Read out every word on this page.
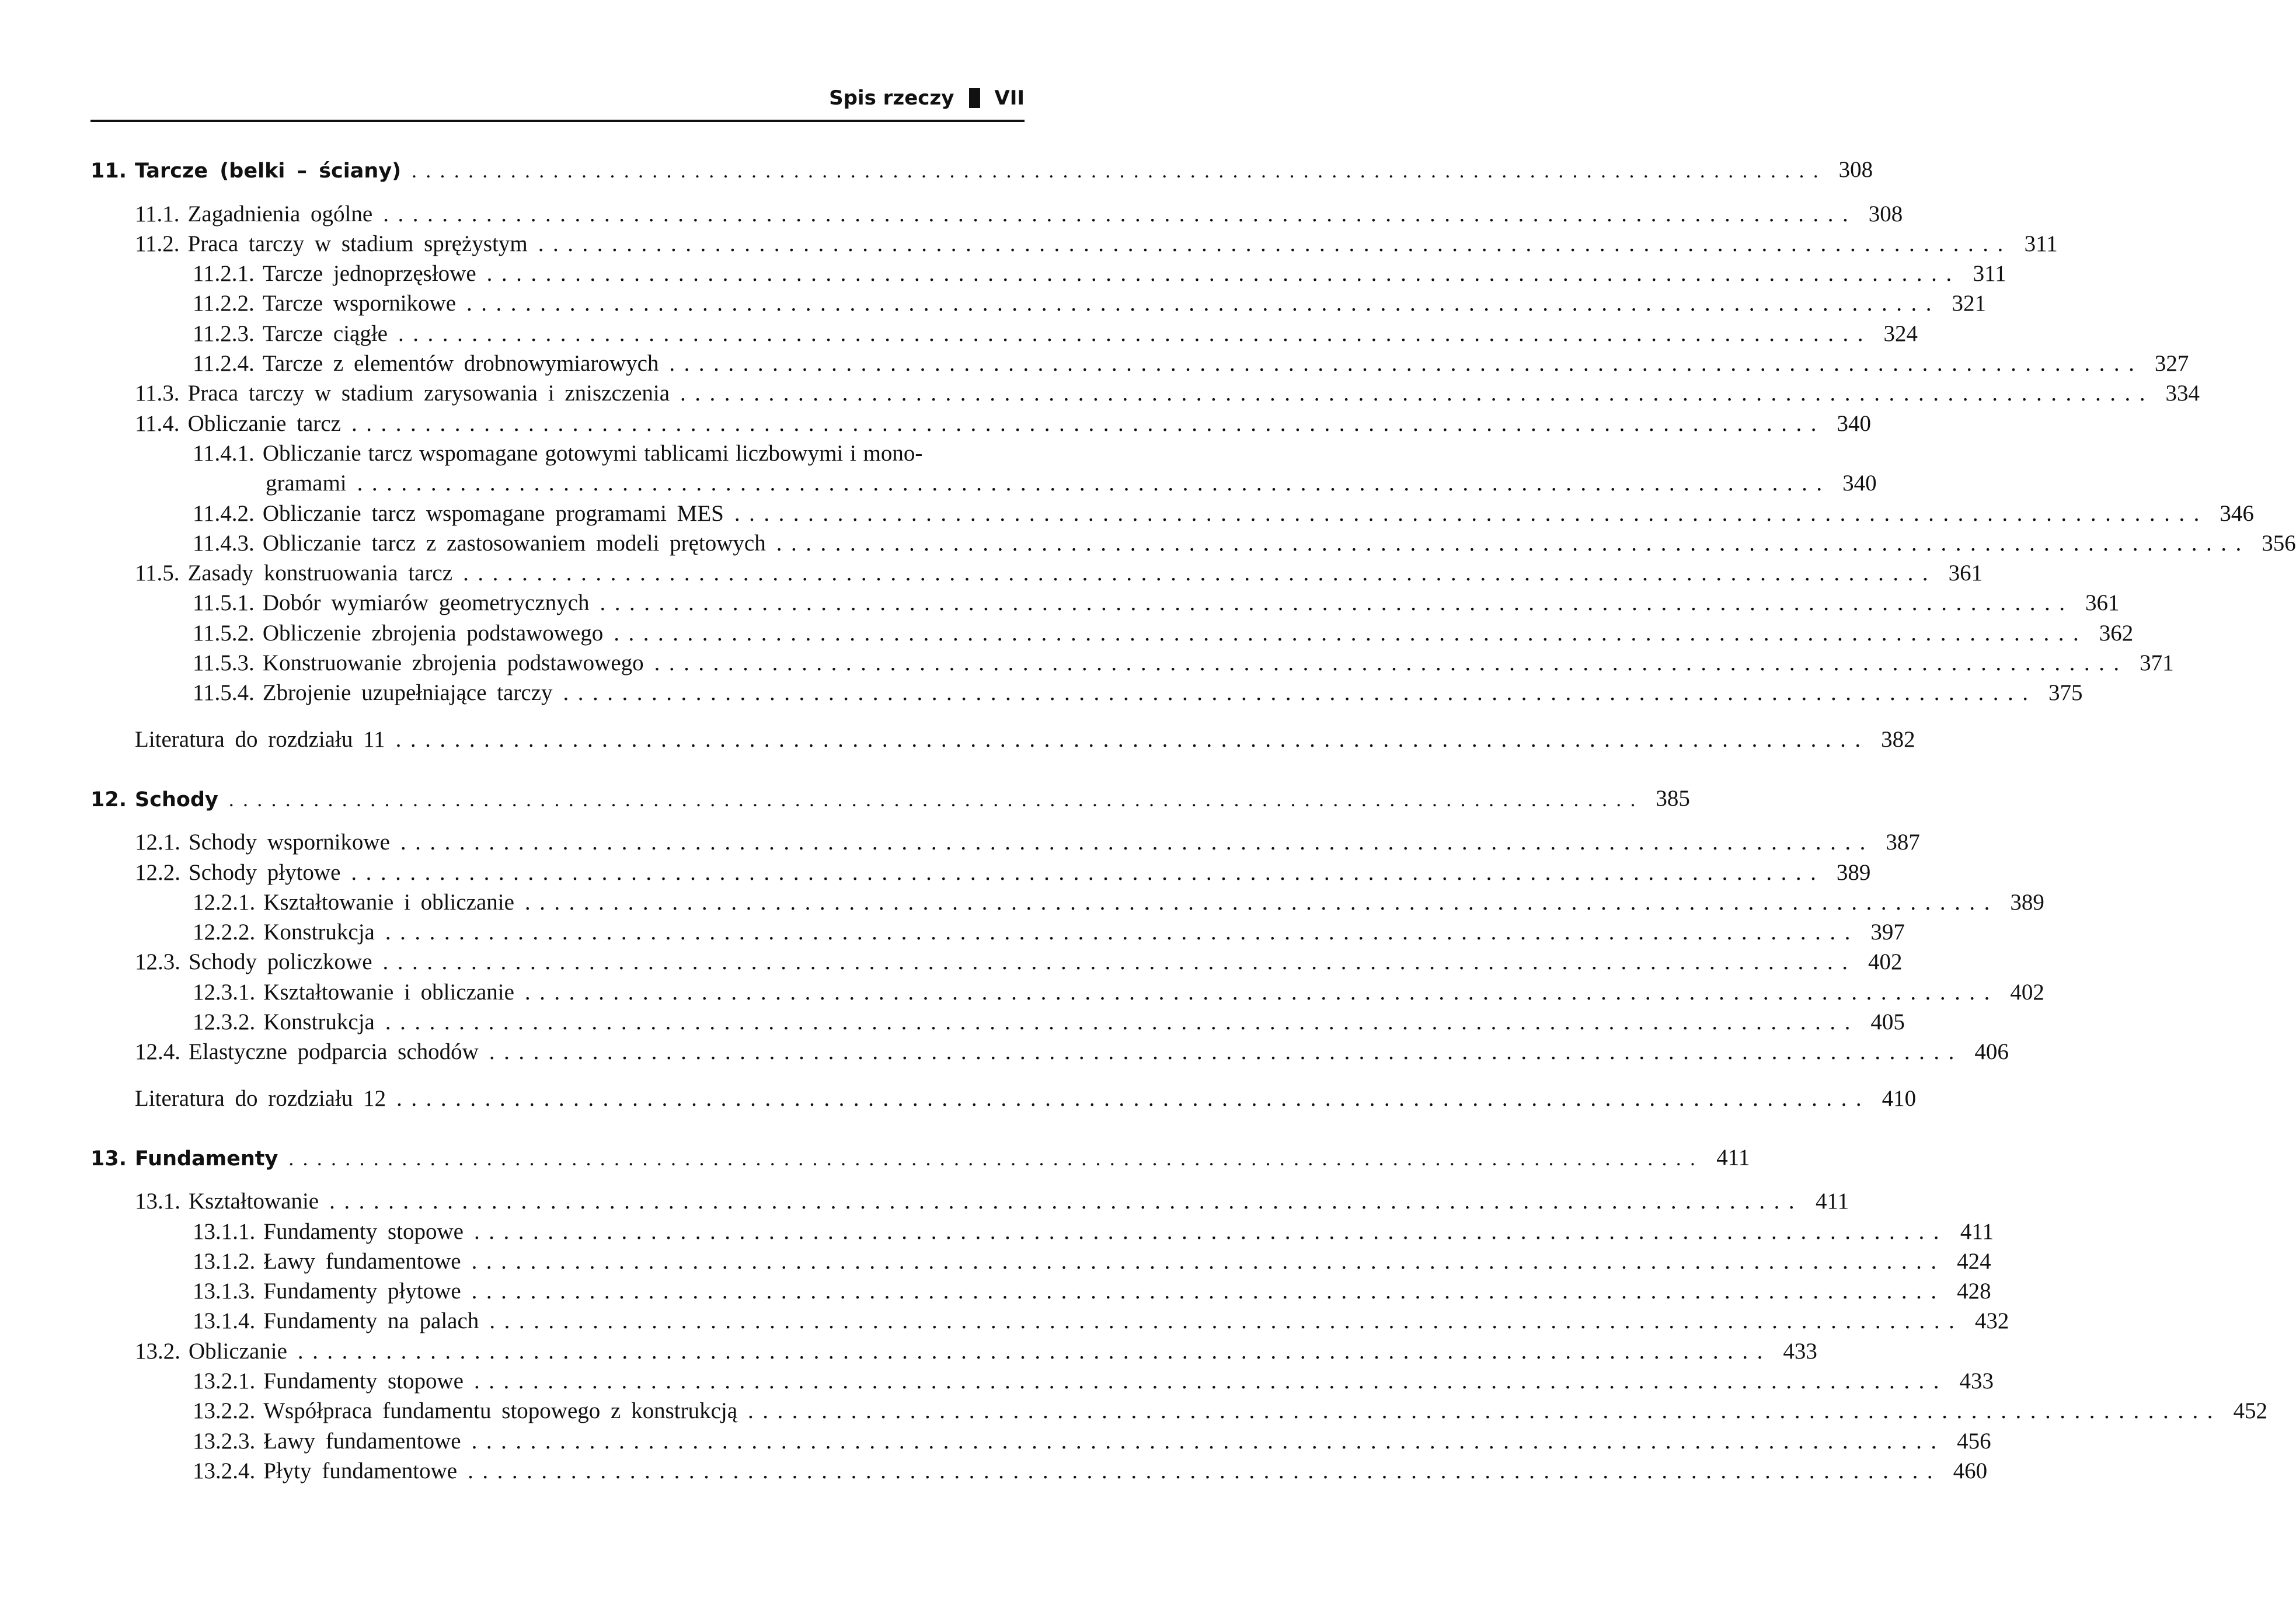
Spis rzeczy VII
11. Tarcze (belki – ściany) .................................................................................................... 308
11.1. Zagadnienia ogólne .................................................................................................... 308
11.2. Praca tarczy w stadium sprężystym .................................................................................................... 311
11.2.1. Tarcze jednoprzęsłowe .................................................................................................... 311
11.2.2. Tarcze wspornikowe .................................................................................................... 321
11.2.3. Tarcze ciągłe .................................................................................................... 324
11.2.4. Tarcze z elementów drobnowymiarowych .................................................................................................... 327
11.3. Praca tarczy w stadium zarysowania i zniszczenia .................................................................................................... 334
11.4. Obliczanie tarcz .................................................................................................... 340
11.4.1. Obliczanie tarcz wspomagane gotowymi tablicami liczbowymi i mono-
gramami .................................................................................................... 340
11.4.2. Obliczanie tarcz wspomagane programami MES .................................................................................................... 346
11.4.3. Obliczanie tarcz z zastosowaniem modeli prętowych .................................................................................................... 356
11.5. Zasady konstruowania tarcz .................................................................................................... 361
11.5.1. Dobór wymiarów geometrycznych .................................................................................................... 361
11.5.2. Obliczenie zbrojenia podstawowego .................................................................................................... 362
11.5.3. Konstruowanie zbrojenia podstawowego .................................................................................................... 371
11.5.4. Zbrojenie uzupełniające tarczy .................................................................................................... 375
Literatura do rozdziału 11 .................................................................................................... 382
12. Schody .................................................................................................... 385
12.1. Schody wspornikowe .................................................................................................... 387
12.2. Schody płytowe .................................................................................................... 389
12.2.1. Kształtowanie i obliczanie .................................................................................................... 389
12.2.2. Konstrukcja .................................................................................................... 397
12.3. Schody policzkowe .................................................................................................... 402
12.3.1. Kształtowanie i obliczanie .................................................................................................... 402
12.3.2. Konstrukcja .................................................................................................... 405
12.4. Elastyczne podparcia schodów .................................................................................................... 406
Literatura do rozdziału 12 .................................................................................................... 410
13. Fundamenty .................................................................................................... 411
13.1. Kształtowanie .................................................................................................... 411
13.1.1. Fundamenty stopowe .................................................................................................... 411
13.1.2. Ławy fundamentowe .................................................................................................... 424
13.1.3. Fundamenty płytowe .................................................................................................... 428
13.1.4. Fundamenty na palach .................................................................................................... 432
13.2. Obliczanie .................................................................................................... 433
13.2.1. Fundamenty stopowe .................................................................................................... 433
13.2.2. Współpraca fundamentu stopowego z konstrukcją .................................................................................................... 452
13.2.3. Ławy fundamentowe .................................................................................................... 456
13.2.4. Płyty fundamentowe .................................................................................................... 460
